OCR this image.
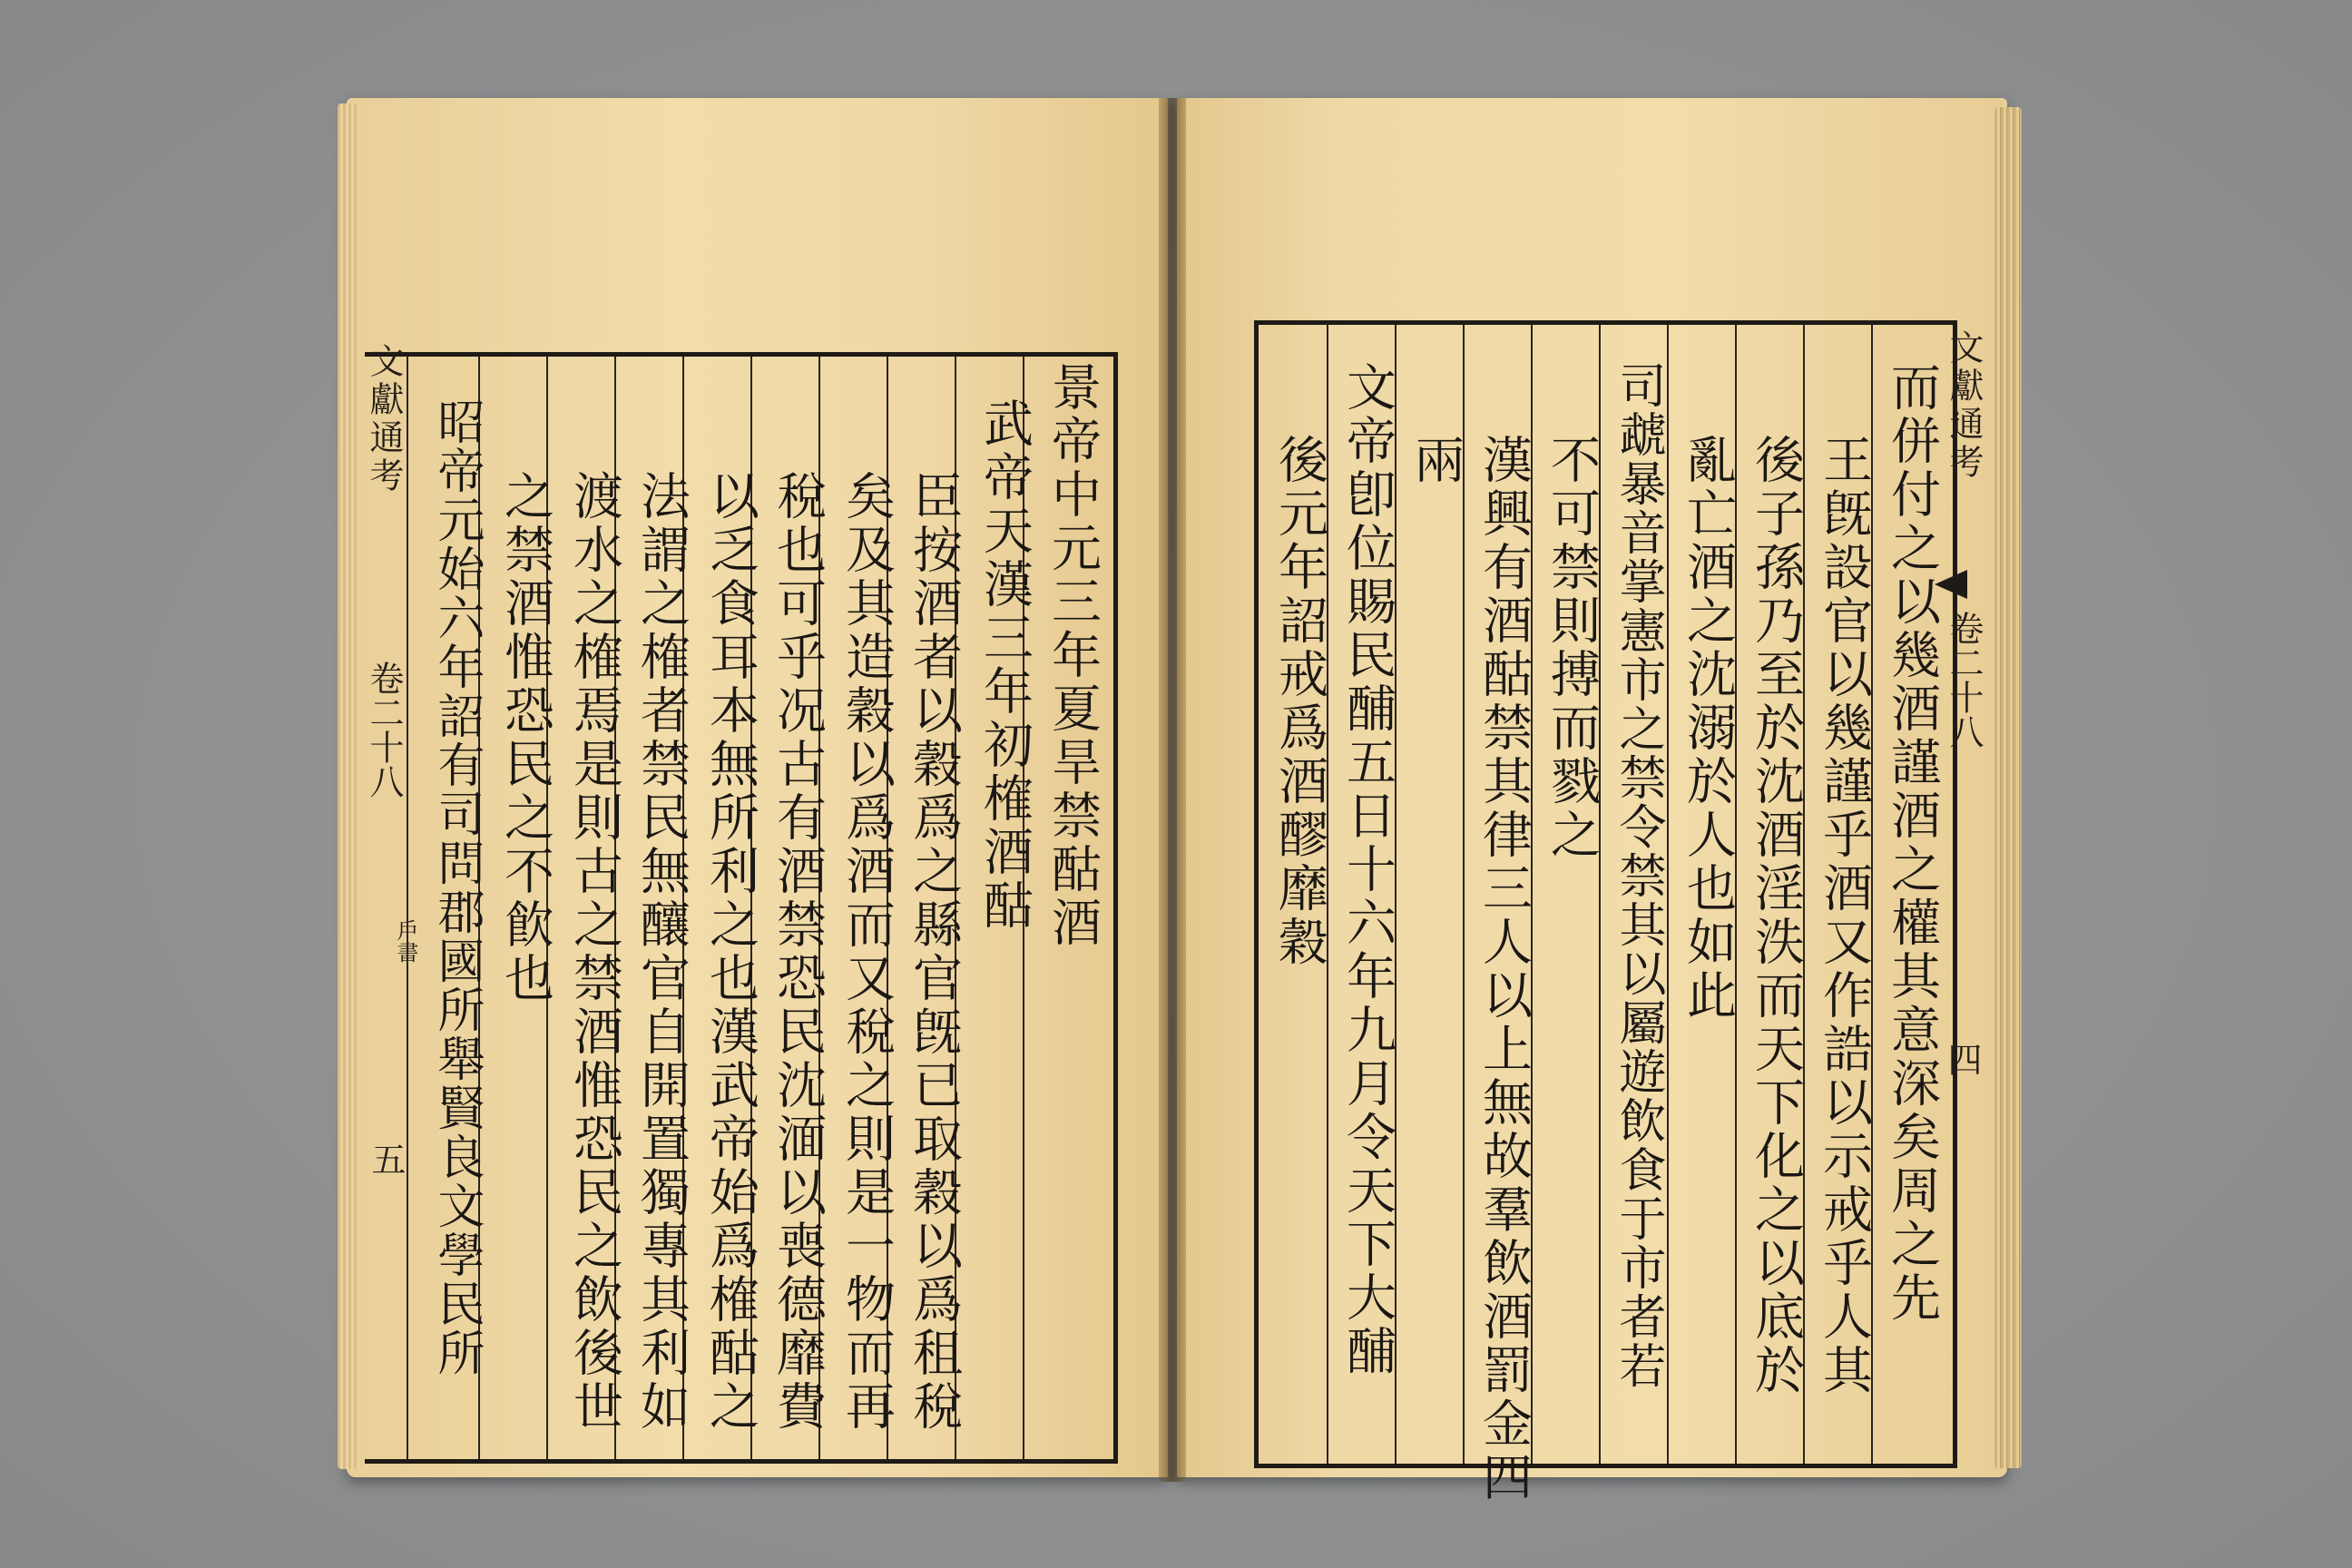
文獻通考
卷二十八
戶書
五
景帝中元三年夏旱禁酤酒
武帝天漢三年初榷酒酤
臣按酒者以穀爲之縣官旣已取穀以爲租稅
矣及其造穀以爲酒而又稅之則是一物而再
稅也可乎况古有酒禁恐民沈湎以喪德靡費
以乏食耳本無所利之也漢武帝始爲榷酤之
法謂之榷者禁民無釀官自開置獨專其利如
渡水之榷焉是則古之禁酒惟恐民之飲後世
之禁酒惟恐民之不飮也
昭帝元始六年詔有司問郡國所舉賢良文學民所	文獻通考
卷二十八
四
而併付之以幾酒謹酒之權其意深矣周之先
王旣設官以幾謹乎酒又作誥以示戒乎人其
後子孫乃至於沈酒淫泆而天下化之以底於
亂亡酒之沈溺於人也如此
司虣暴音掌憲市之禁令禁其以屬遊飲食于市者若
不可禁則搏而戮之
漢興有酒酤禁其律三人以上無故羣飲酒罰金四
兩
文帝卽位賜民酺五日十六年九月令天下大酺
後元年詔戒爲酒醪靡穀
